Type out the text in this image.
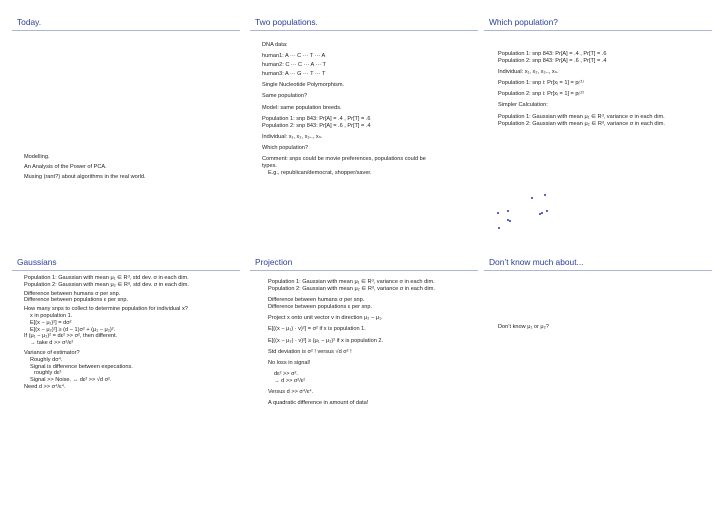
Today.
Modelling.
An Analysis of the Power of PCA.
Musing (rant?) about algorithms in the real world.
Two populations.
DNA data:
human1: A ··· C ··· T ··· A
human2: C ··· C ··· A ··· T
human3: A ··· G ··· T ··· T
Single Nucleotide Polymorphism.
Same population?
Model: same population breeds.
Population 1: snp 843: Pr[A] = .4 , Pr[T] = .6
Population 2: snp 843: Pr[A] = .6 , Pr[T] = .4
Individual: x₁, x₂, x₃.., xₙ.
Which population?
Comment: snps could be movie preferences, populations could be
types.
E.g., republican/democrat, shopper/saver.
Which population?
Population 1: snp 843: Pr[A] = .4 , Pr[T] = .6
Population 2: snp 843: Pr[A] = .6 , Pr[T] = .4
Individual: x₁, x₂, x₃.., xₙ.
Population 1: snp i: Pr[xᵢ = 1] = pᵢ⁽¹⁾
Population 2: snp i: Pr[xᵢ = 1] = pᵢ⁽²⁾
Simpler Calculation:
Population 1: Gaussian with mean μ₁ ∈ Rᵈ, variance σ in each dim.
Population 2: Gaussian with mean μ₂ ∈ Rᵈ, variance σ in each dim.
Gaussians
Population 1: Gaussian with mean μ₁ ∈ Rᵈ, std dev. σ in each dim.
Population 2: Gaussian with mean μ₂ ∈ Rᵈ, std dev. σ in each dim.
Difference between humans σ per snp.
Difference between populations ε per snp.
How many snps to collect to determine population for individual x?
x in population 1.
E[(x − μ₁)²] = dσ²
E[(x − μ₂)²] ≥ (d − 1)σ² + (μ₁ − μ₂)².
If (μ₁ − μ₂)² = dε² >> σ², then different.
→ take d >> σ²/ε²
Variance of estimator?
Roughly dσ⁴.
Signal is difference between expecations.
roughly dε²
Signal >> Noise. ↔ dε² >> √d σ².
Need d >> σ⁴/ε⁴.
Projection
Population 1: Gaussian with mean μ₁ ∈ Rᵈ, variance σ in each dim.
Population 2: Gaussian with mean μ₂ ∈ Rᵈ, variance σ in each dim.
Difference between humans σ per snp.
Difference between populations ε per snp.
Project x onto unit vector v in direction μ₂ − μ₁.
E[((x − μ₁) · v)²] = σ² if x is population 1.
E[((x − μ₂) · v)²] ≥ (μ₁ − μ₂)² if x is population 2.
Std deviation is σ² ! versus √d σ² !
No loss in signal!
dε² >> σ².
→ d >> σ²/ε²
Versus d >> σ⁴/ε⁴.
A quadratic difference in amount of data!
Don’t know much about...
Don’t know μ₁ or μ₂?
